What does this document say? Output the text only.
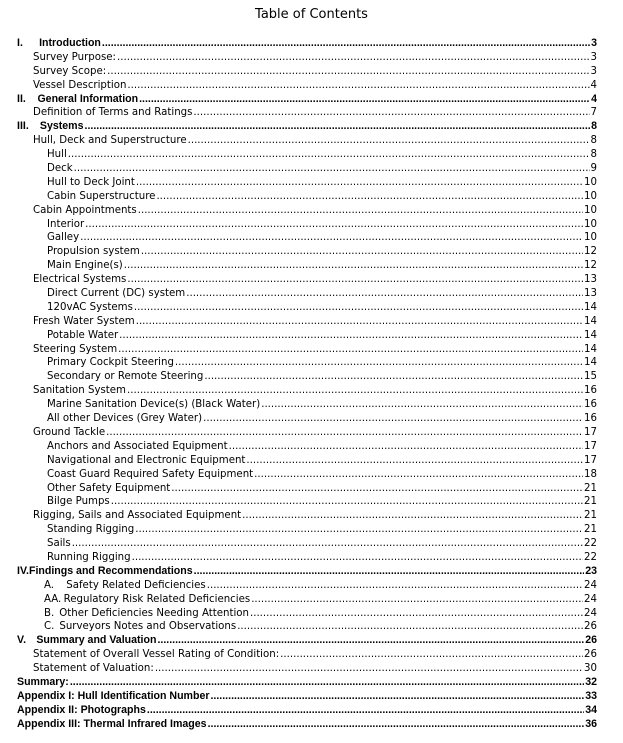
Table of Contents
I.	Introduction .....	3
Survey Purpose: .....	3
Survey Scope: .....	3
Vessel Description .....	4
II.	General Information .....	4
Definition of Terms and Ratings .....	7
III.	Systems .....	8
Hull, Deck and Superstructure .....	8
Hull .....	8
Deck .....	9
Hull to Deck Joint .....	10
Cabin Superstructure .....	10
Cabin Appointments .....	10
Interior .....	10
Galley .....	10
Propulsion system .....	12
Main Engine(s) .....	12
Electrical Systems .....	13
Direct Current (DC) system .....	13
120vAC Systems .....	14
Fresh Water System .....	14
Potable Water .....	14
Steering System .....	14
Primary Cockpit Steering .....	14
Secondary or Remote Steering .....	15
Sanitation System .....	16
Marine Sanitation Device(s) (Black Water) .....	16
All other Devices (Grey Water) .....	16
Ground Tackle .....	17
Anchors and Associated Equipment .....	17
Navigational and Electronic Equipment .....	17
Coast Guard Required Safety Equipment .....	18
Other Safety Equipment .....	21
Bilge Pumps .....	21
Rigging, Sails and Associated Equipment .....	21
Standing Rigging .....	21
Sails .....	22
Running Rigging .....	22
IV. Findings and Recommendations .....	23
A.	Safety Related Deficiencies .....	24
AA. Regulatory Risk Related Deficiencies .....	24
B. Other Deficiencies Needing Attention .....	24
C. Surveyors Notes and Observations .....	26
V. Summary and Valuation .....	26
Statement of Overall Vessel Rating of Condition: .....	26
Statement of Valuation: .....	30
Summary: .....	32
Appendix I: Hull Identification Number .....	33
Appendix II: Photographs .....	34
Appendix III: Thermal Infrared Images .....	36
